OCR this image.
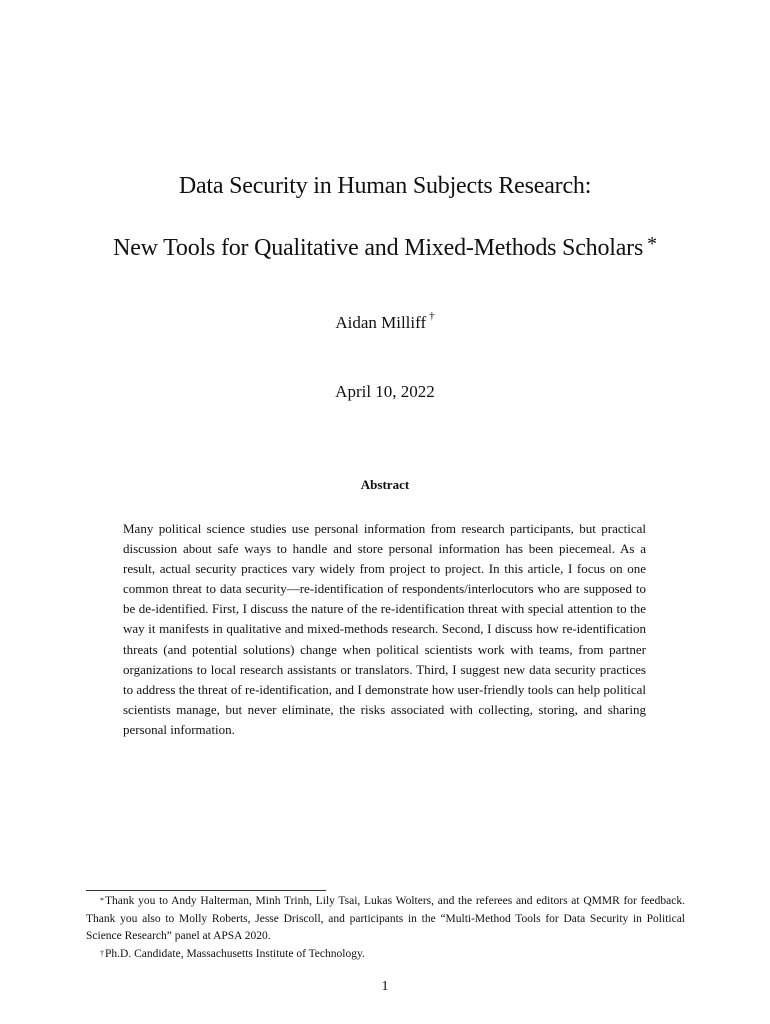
Data Security in Human Subjects Research:
New Tools for Qualitative and Mixed-Methods Scholars *
Aidan Milliff †
April 10, 2022
Abstract
Many political science studies use personal information from research participants, but practical discussion about safe ways to handle and store personal information has been piecemeal. As a result, actual security practices vary widely from project to project. In this article, I focus on one common threat to data security—re-identification of respondents/interlocutors who are supposed to be de-identified. First, I discuss the nature of the re-identification threat with special attention to the way it manifests in qualitative and mixed-methods research. Second, I discuss how re-identification threats (and potential solutions) change when political scientists work with teams, from partner organizations to local research assistants or translators. Third, I suggest new data security practices to address the threat of re-identification, and I demonstrate how user-friendly tools can help political scientists manage, but never eliminate, the risks associated with collecting, storing, and sharing personal information.

*Thank you to Andy Halterman, Minh Trinh, Lily Tsai, Lukas Wolters, and the referees and editors at QMMR for feedback. Thank you also to Molly Roberts, Jesse Driscoll, and participants in the “Multi-Method Tools for Data Security in Political Science Research” panel at APSA 2020.

†Ph.D. Candidate, Massachusetts Institute of Technology.

1
